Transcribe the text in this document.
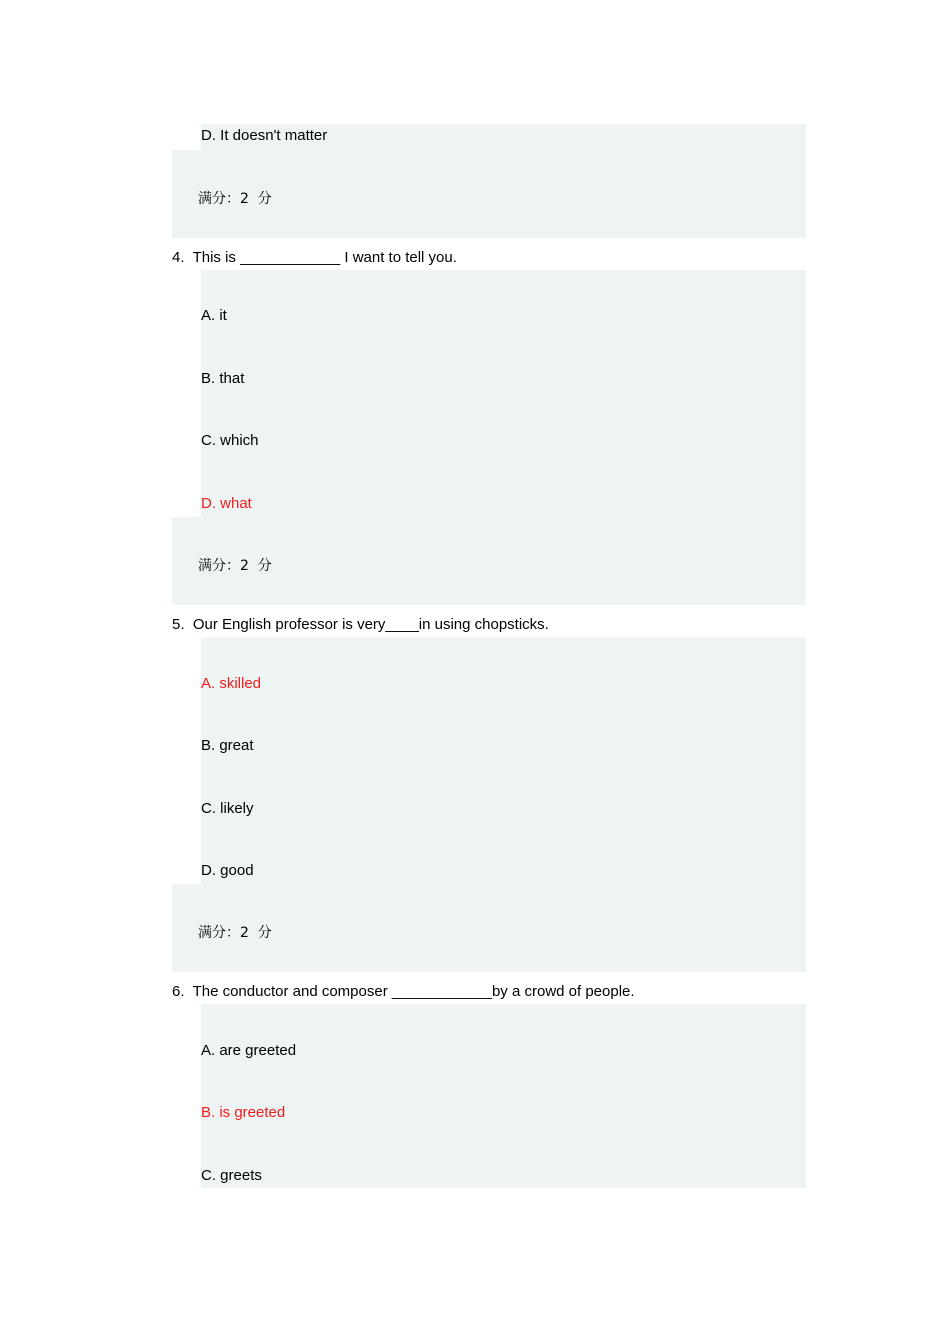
D. It doesn't matter
满分：2  分
4.  This is ____________ I want to tell you.
A. it
B. that
C. which
D. what
满分：2  分
5.  Our English professor is very____in using chopsticks.
A. skilled
B. great
C. likely
D. good
满分：2  分
6.  The conductor and composer ____________by a crowd of people.
A. are greeted
B. is greeted
C. greets
